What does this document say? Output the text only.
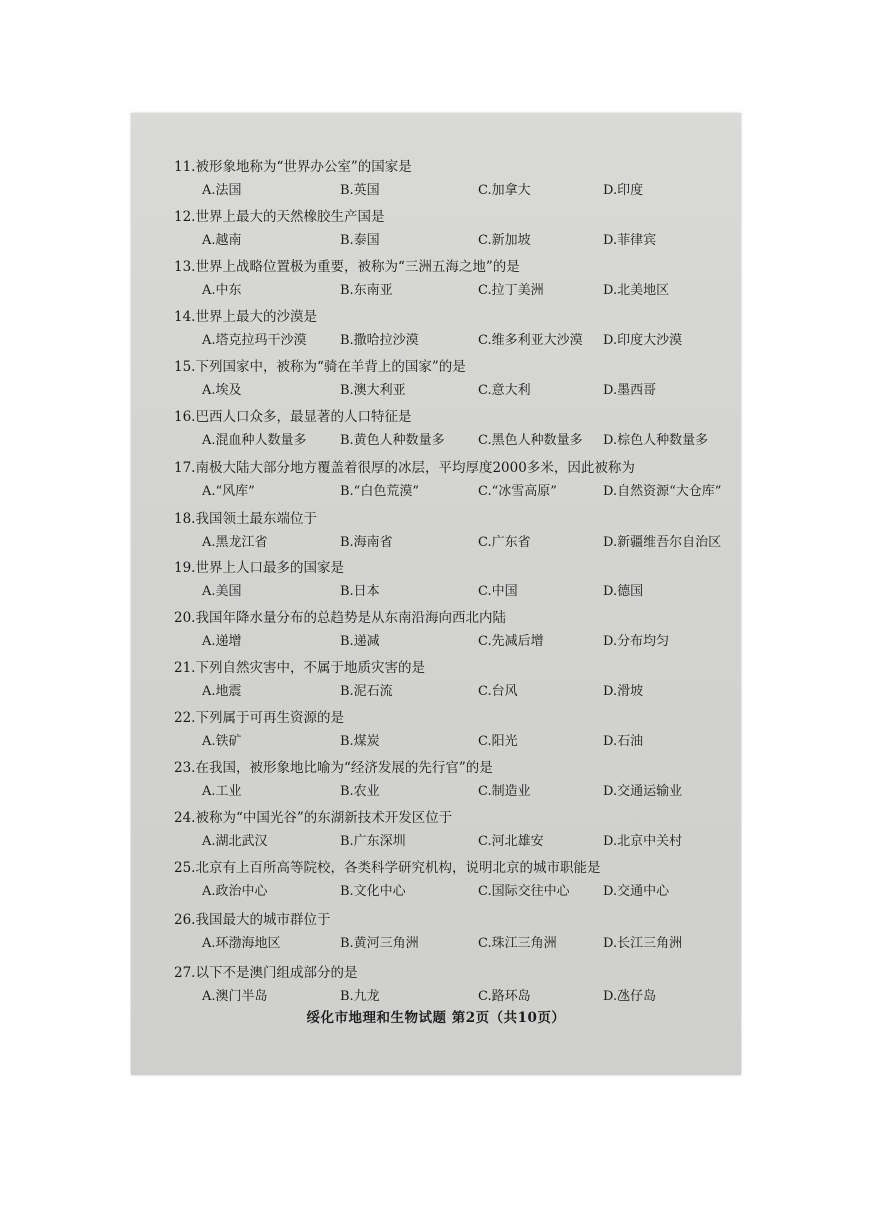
11.被形象地称为“世界办公室”的国家是
A.法国	B.英国	C.加拿大	D.印度
12.世界上最大的天然橡胶生产国是
A.越南	B.泰国	C.新加坡	D.菲律宾
13.世界上战略位置极为重要，被称为“三洲五海之地”的是
A.中东	B.东南亚	C.拉丁美洲	D.北美地区
14.世界上最大的沙漠是
A.塔克拉玛干沙漠	B.撒哈拉沙漠	C.维多利亚大沙漠 D.印度大沙漠
15.下列国家中，被称为“骑在羊背上的国家”的是
A.埃及	B.澳大利亚	C.意大利	D.墨西哥
16.巴西人口众多，最显著的人口特征是
A.混血种人数量多	B.黄色人种数量多	C.黑色人种数量多 D.棕色人种数量多
17.南极大陆大部分地方覆盖着很厚的冰层，平均厚度2000多米，因此被称为
A.“风库”	B.“白色荒漠”	C.“冰雪高原”	D.自然资源“大仓库”
18.我国领土最东端位于
A.黑龙江省	B.海南省	C.广东省	D.新疆维吾尔自治区
19.世界上人口最多的国家是
A.美国	B.日本	C.中国	D.德国
20.我国年降水量分布的总趋势是从东南沿海向西北内陆
A.递增	B.递减	C.先减后增	D.分布均匀
21.下列自然灾害中，不属于地质灾害的是
A.地震	B.泥石流	C.台风	D.滑坡
22.下列属于可再生资源的是
A.铁矿	B.煤炭	C.阳光	D.石油
23.在我国，被形象地比喻为“经济发展的先行官”的是
A.工业	B.农业	C.制造业	D.交通运输业
24.被称为“中国光谷”的东湖新技术开发区位于
A.湖北武汉	B.广东深圳	C.河北雄安	D.北京中关村
25.北京有上百所高等院校，各类科学研究机构，说明北京的城市职能是
A.政治中心	B.文化中心	C.国际交往中心	D.交通中心
26.我国最大的城市群位于
A.环渤海地区	B.黄河三角洲	C.珠江三角洲	D.长江三角洲
27.以下不是澳门组成部分的是
A.澳门半岛	B.九龙	C.路环岛	D.氹仔岛
绥化市地理和生物试题 第2页（共10页）
